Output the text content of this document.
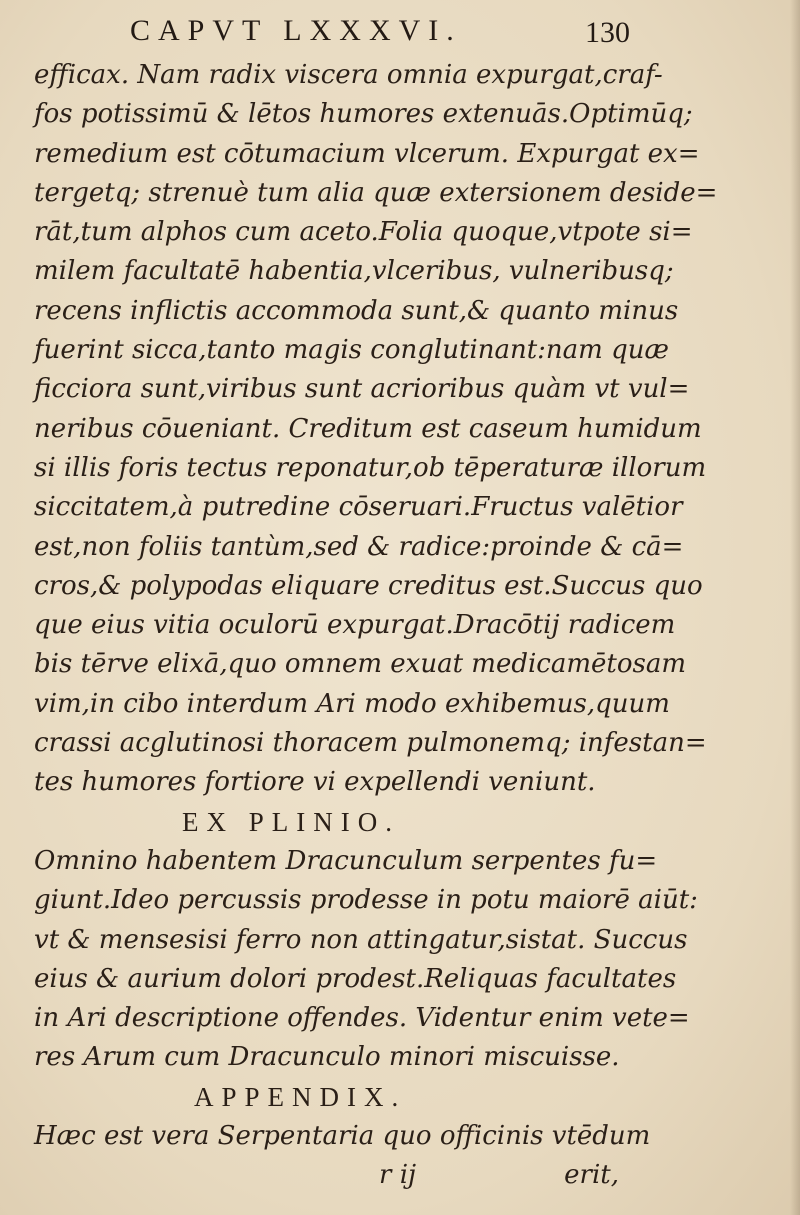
CAPVT LXXXVI.	130

efficax. Nam radix viscera omnia expurgat,craf-

fos potissimū & lētos humores extenuās.Optimūq;

remedium est cōtumacium vlcerum. Expurgat ex=

tergetq; strenuè tum alia quæ extersionem deside=

rāt,tum alphos cum aceto.Folia quoque,vtpote si=

milem facultatē habentia,vlceribus, vulneribusq;

recens inflictis accommoda sunt,& quanto minus

fuerint sicca,tanto magis conglutinant:nam quæ

ficciora sunt,viribus sunt acrioribus quàm vt vul=

neribus cōueniant. Creditum est caseum humidum

si illis foris tectus reponatur,ob tēperaturæ illorum

siccitatem,à putredine cōseruari.Fructus valētior

est,non foliis tantùm,sed & radice:proinde & cā=

cros,& polypodas eliquare creditus est.Succus quo

que eius vitia oculorū expurgat.Dracōtij radicem

bis tērve elixā,quo omnem exuat medicamētosam

vim,in cibo interdum Ari modo exhibemus,quum

crassi acglutinosi thoracem pulmonemq; infestan=

tes humores fortiore vi expellendi veniunt.

EX PLINIO.

Omnino habentem Dracunculum serpentes fu=

giunt.Ideo percussis prodesse in potu maiorē aiūt:

vt & mensesisi ferro non attingatur,sistat. Succus

eius & aurium dolori prodest.Reliquas facultates

in Ari descriptione offendes. Videntur enim vete=

res Arum cum Dracunculo minori miscuisse.

APPENDIX.

Hæc est vera Serpentaria quo officinis vtēdum

r ij	erit,
